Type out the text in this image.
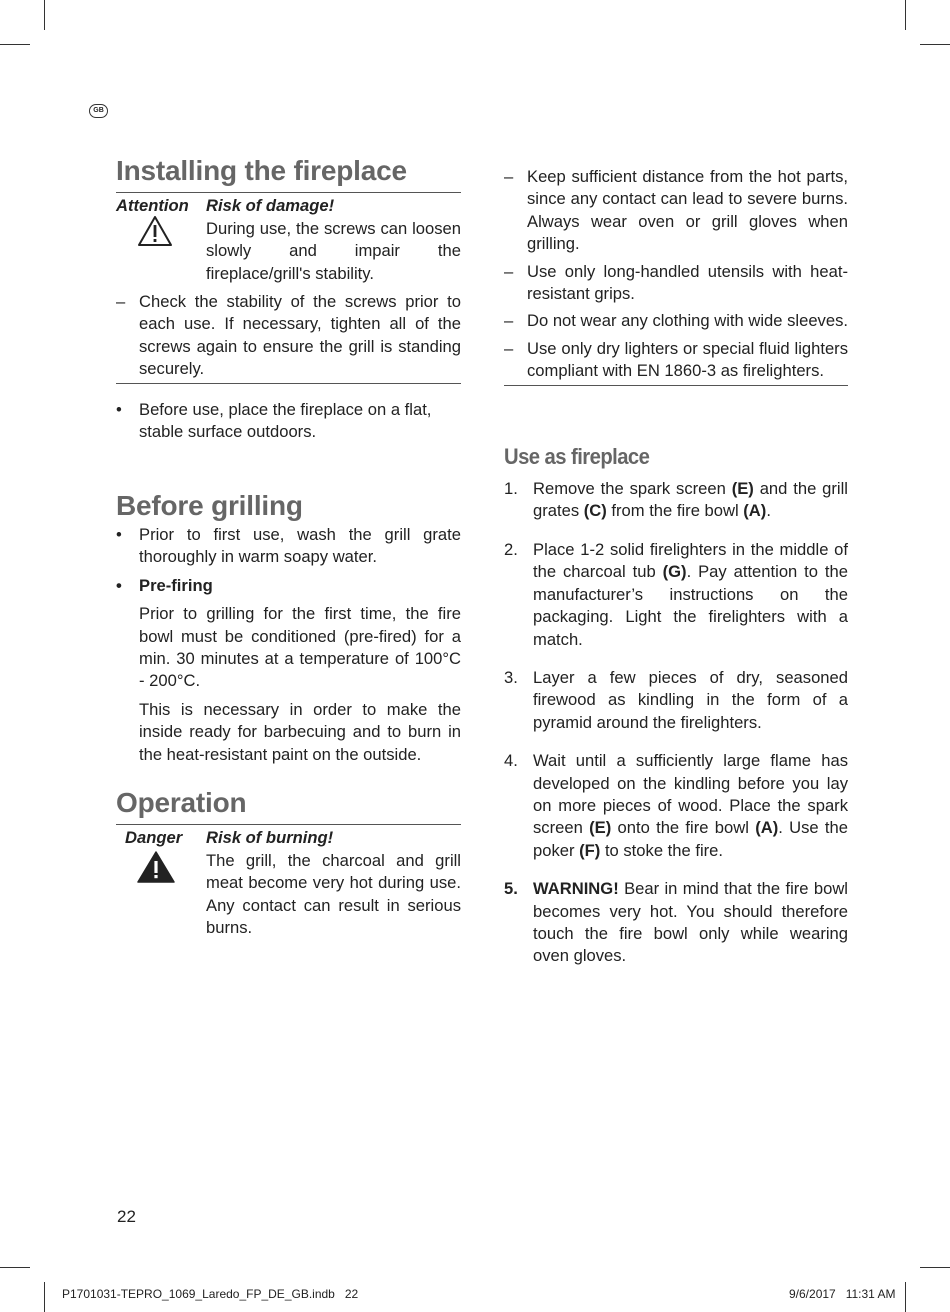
GB
Installing the fireplace
Attention	Risk of damage!
During use, the screws can loosen slowly and impair the fireplace/grill's stability.
– Check the stability of the screws prior to each use. If necessary, tighten all of the screws again to ensure the grill is standing securely.
• Before use, place the fireplace on a flat, stable surface outdoors.
Before grilling
• Prior to first use, wash the grill grate thoroughly in warm soapy water.
• Pre-firing
Prior to grilling for the first time, the fire bowl must be conditioned (pre-fired) for a min. 30 minutes at a temperature of 100°C - 200°C.
This is necessary in order to make the inside ready for barbecuing and to burn in the heat-resistant paint on the outside.
Operation
Danger	Risk of burning!
The grill, the charcoal and grill meat become very hot during use. Any contact can result in serious burns.
– Keep sufficient distance from the hot parts, since any contact can lead to severe burns. Always wear oven or grill gloves when grilling.
– Use only long-handled utensils with heat-resistant grips.
– Do not wear any clothing with wide sleeves.
– Use only dry lighters or special fluid lighters compliant with EN 1860-3 as firelighters.
Use as fireplace
1. Remove the spark screen (E) and the grill grates (C) from the fire bowl (A).
2. Place 1-2 solid firelighters in the middle of the charcoal tub (G). Pay attention to the manufacturer’s instructions on the packaging. Light the firelighters with a match.
3. Layer a few pieces of dry, seasoned firewood as kindling in the form of a pyramid around the firelighters.
4. Wait until a sufficiently large flame has developed on the kindling before you lay on more pieces of wood. Place the spark screen (E) onto the fire bowl (A). Use the poker (F) to stoke the fire.
5. WARNING! Bear in mind that the fire bowl becomes very hot. You should therefore touch the fire bowl only while wearing oven gloves.
22
P1701031-TEPRO_1069_Laredo_FP_DE_GB.indb   22	9/6/2017   11:31 AM
